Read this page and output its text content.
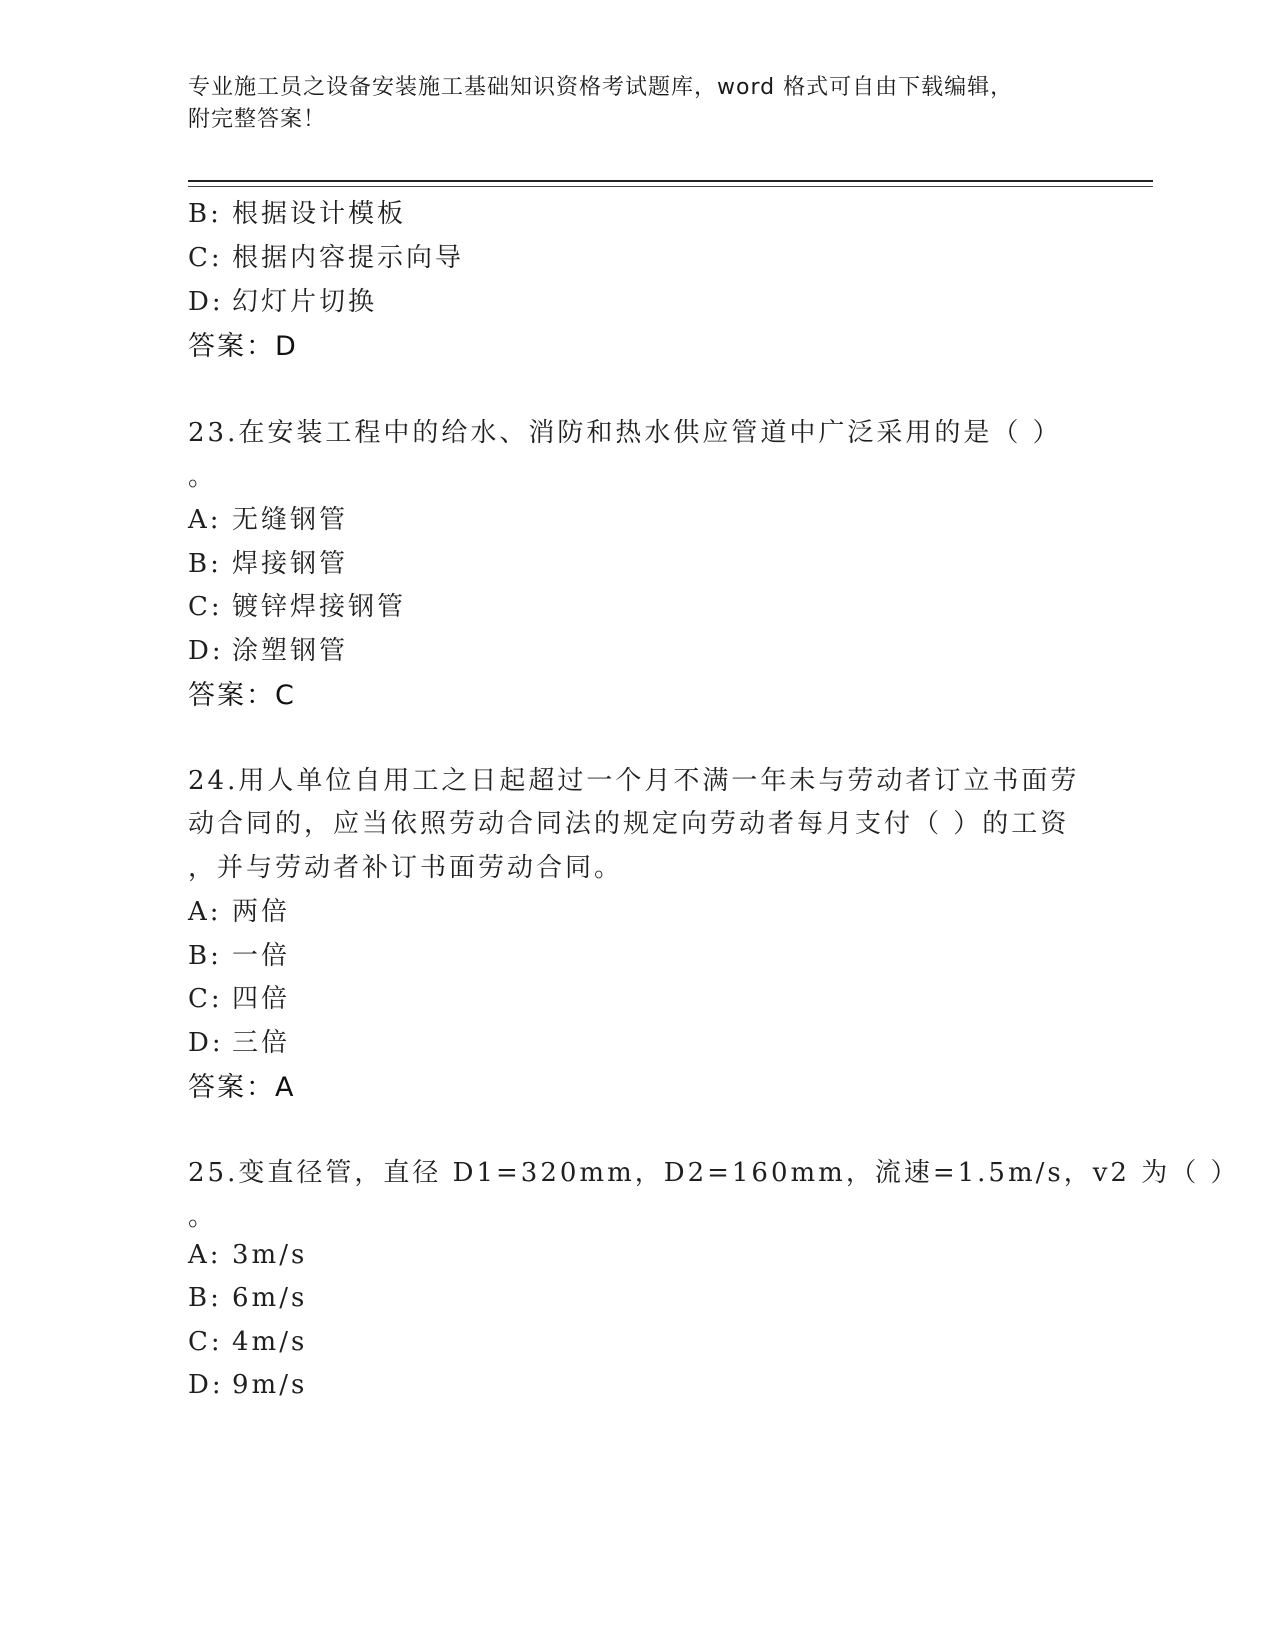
专业施工员之设备安装施工基础知识资格考试题库，word 格式可自由下载编辑，
附完整答案！
B: 根据设计模板
C: 根据内容提示向导
D: 幻灯片切换
答案：D
23.在安装工程中的给水、消防和热水供应管道中广泛采用的是（ ）
。
A: 无缝钢管
B: 焊接钢管
C: 镀锌焊接钢管
D: 涂塑钢管
答案：C
24.用人单位自用工之日起超过一个月不满一年未与劳动者订立书面劳
动合同的，应当依照劳动合同法的规定向劳动者每月支付（ ）的工资
，并与劳动者补订书面劳动合同。
A: 两倍
B: 一倍
C: 四倍
D: 三倍
答案：A
25.变直径管，直径 D1=320mm，D2=160mm，流速=1.5m/s，v2 为（ ）
。
A: 3m/s
B: 6m/s
C: 4m/s
D: 9m/s
